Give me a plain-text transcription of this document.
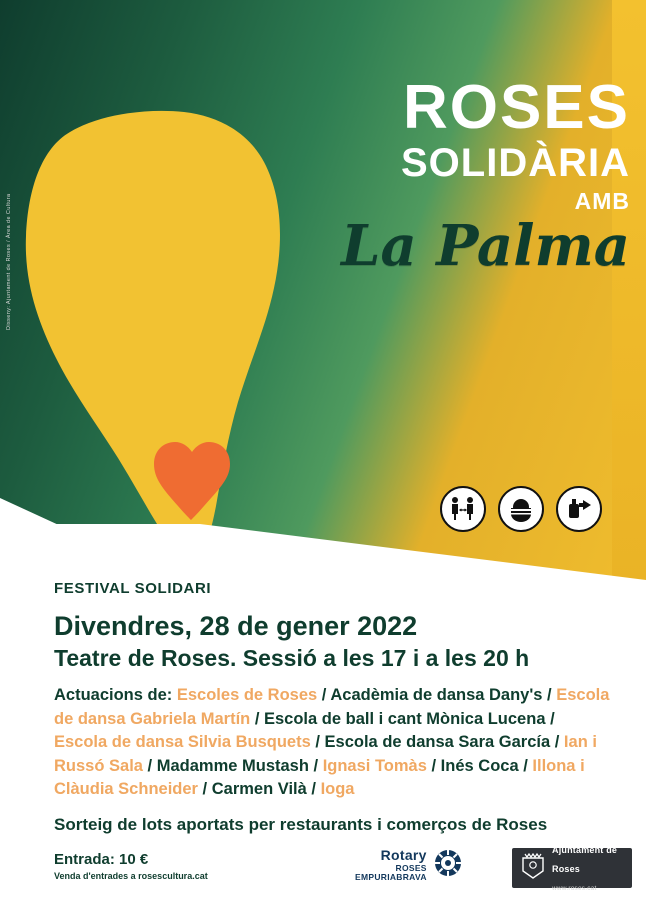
Disseny: Ajuntament de Roses / Àrea de Cultura
ROSES
SOLIDÀRIA
AMB
La Palma
FESTIVAL SOLIDARI
Divendres, 28 de gener 2022
Teatre de Roses. Sessió a les 17 i a les 20 h
Actuacions de: Escoles de Roses / Acadèmia de dansa Dany's / Escola de dansa Gabriela Martín / Escola de ball i cant Mònica Lucena / Escola de dansa Silvia Busquets / Escola de dansa Sara García / Ian i Russó Sala / Madamme Mustash / Ignasi Tomàs / Inés Coca / Illona i Clàudia Schneider / Carmen Vilà / Ioga
Sorteig de lots aportats per restaurants i comerços de Roses
Entrada: 10 €
Venda d'entrades a rosescultura.cat
Rotary
ROSES
EMPURIABRAVA
Ajuntament de Roses
www.roses.cat
